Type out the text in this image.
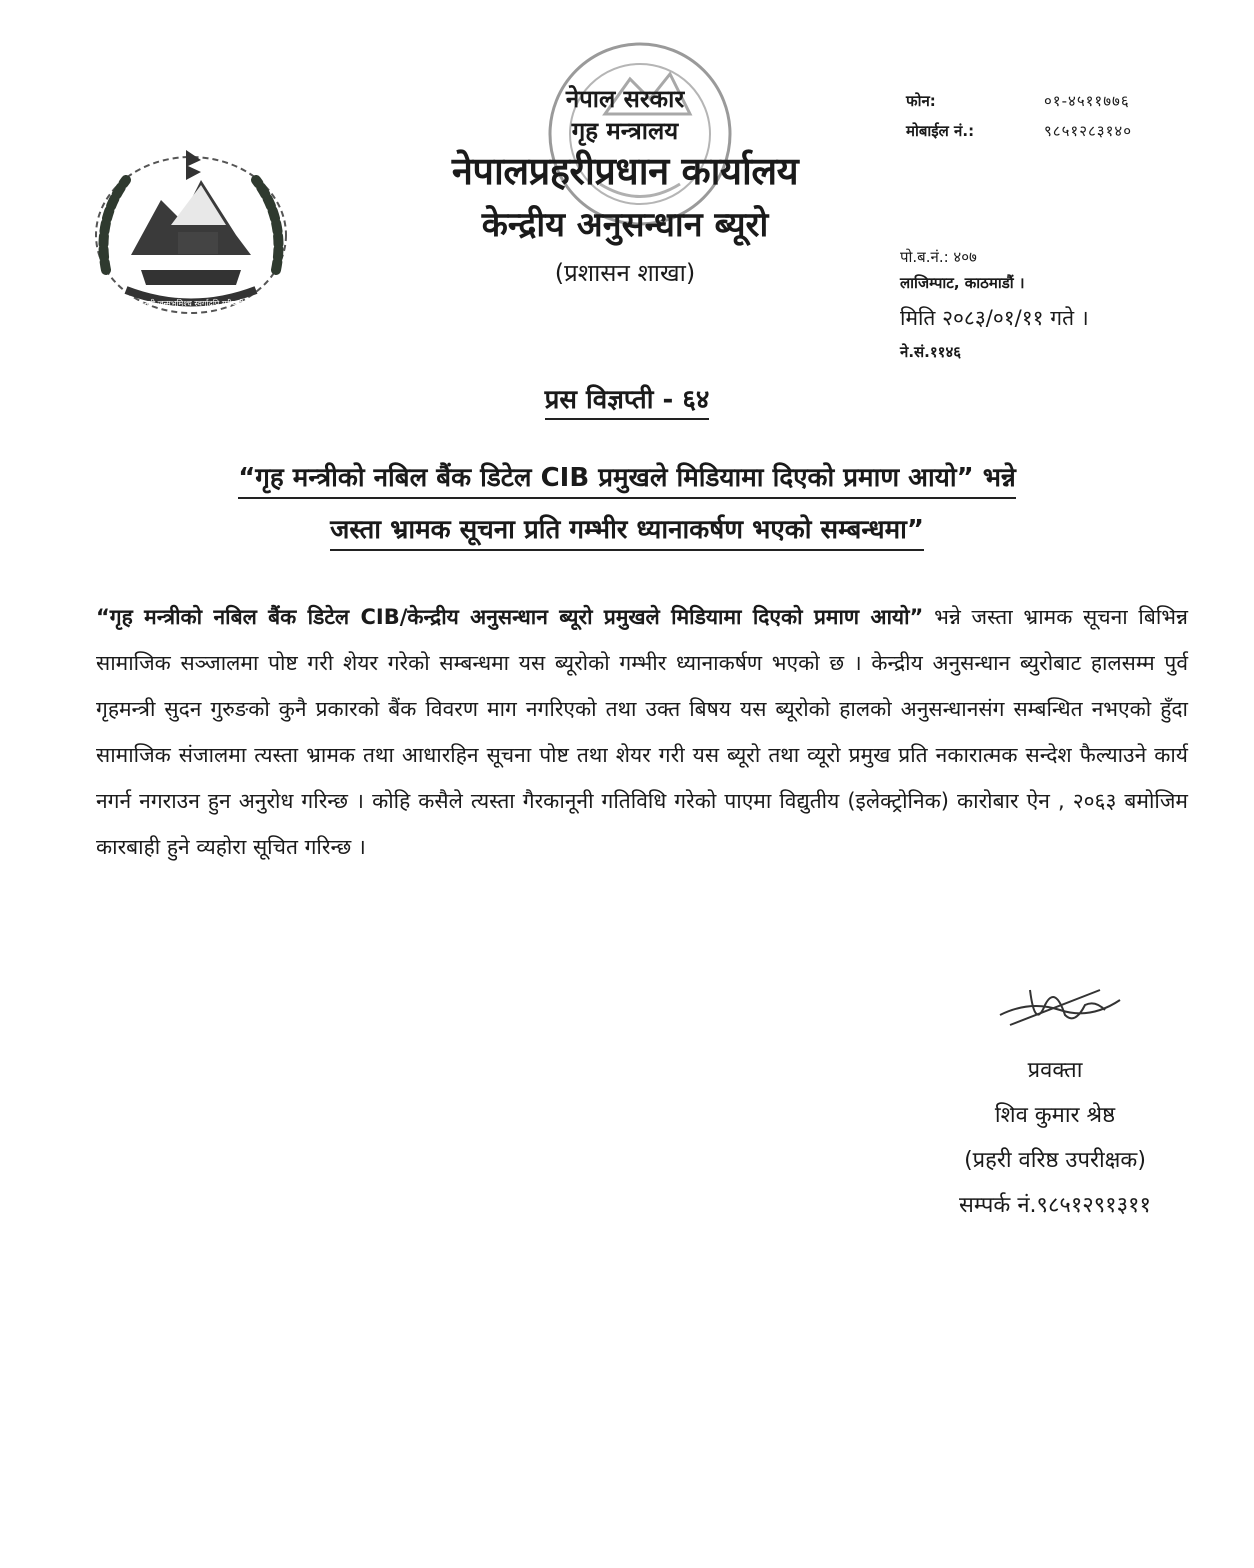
जननी जन्मभूमिश्च स्वर्गादपि गरीयसी
नेपाल सरकार
गृह मन्त्रालय
नेपालप्रहरीप्रधान कार्यालय
केन्द्रीय अनुसन्धान ब्यूरो
(प्रशासन शाखा)
फोन:	०१-४५११७७६
मोबाईल नं.:	९८५१२८३१४०
पो.ब.नं.: ४०७
लाजिम्पाट, काठमाडौं ।
मिति २०८३/०१/११ गते ।
ने.सं.११४६
प्रस विज्ञप्ती - ६४
“गृह मन्त्रीको नबिल बैंक डिटेल CIB प्रमुखले मिडियामा दिएको प्रमाण आयो” भन्ने
जस्ता भ्रामक सूचना प्रति गम्भीर ध्यानाकर्षण भएको सम्बन्धमा”
“गृह मन्त्रीको नबिल बैंक डिटेल CIB/केन्द्रीय अनुसन्धान ब्यूरो प्रमुखले मिडियामा दिएको प्रमाण आयो” भन्ने जस्ता भ्रामक सूचना बिभिन्न सामाजिक सञ्जालमा पोष्ट गरी शेयर गरेको सम्बन्धमा यस ब्यूरोको गम्भीर ध्यानाकर्षण भएको छ । केन्द्रीय अनुसन्धान ब्युरोबाट हालसम्म पुर्व गृहमन्त्री सुदन गुरुङको कुनै प्रकारको बैंक विवरण माग नगरिएको तथा उक्त बिषय यस ब्यूरोको हालको अनुसन्धानसंग सम्बन्धित नभएको हुँदा सामाजिक संजालमा त्यस्ता भ्रामक तथा आधारहिन सूचना पोष्ट तथा शेयर गरी यस ब्यूरो तथा व्यूरो प्रमुख प्रति नकारात्मक सन्देश फैल्याउने कार्य नगर्न नगराउन हुन अनुरोध गरिन्छ । कोहि कसैले त्यस्ता गैरकानूनी गतिविधि गरेको पाएमा विद्युतीय (इलेक्ट्रोनिक) कारोबार ऐन , २०६३ बमोजिम कारबाही हुने व्यहोरा सूचित गरिन्छ ।
प्रवक्ता
शिव कुमार श्रेष्ठ
(प्रहरी वरिष्ठ उपरीक्षक)
सम्पर्क नं.९८५१२९१३११
